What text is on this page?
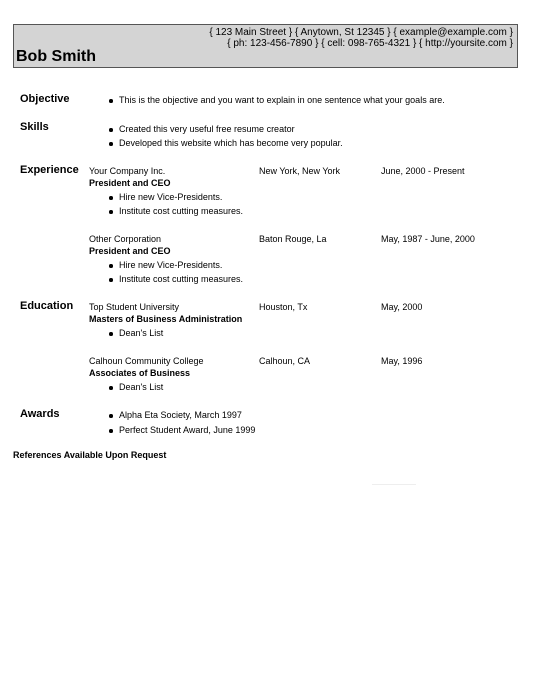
{ 123 Main Street } { Anytown, St 12345 } { example@example.com }
{ ph: 123-456-7890 } { cell: 098-765-4321 } { http://yoursite.com }
Bob Smith
Objective	This is the objective and you want to explain in one sentence what your goals are.
Skills	Created this very useful free resume creator
Developed this website which has become very popular.
Experience Your Company Inc.	New York, New York	June, 2000 - Present
President and CEO
Hire new Vice-Presidents.
Institute cost cutting measures.
Other Corporation	Baton Rouge, La	May, 1987 - June, 2000
President and CEO
Hire new Vice-Presidents.
Institute cost cutting measures.
Education Top Student University	Houston, Tx	May, 2000
Masters of Business Administration
Dean's List
Calhoun Community College	Calhoun, CA	May, 1996
Associates of Business
Dean's List
Awards	Alpha Eta Society, March 1997
Perfect Student Award, June 1999
References Available Upon Request
